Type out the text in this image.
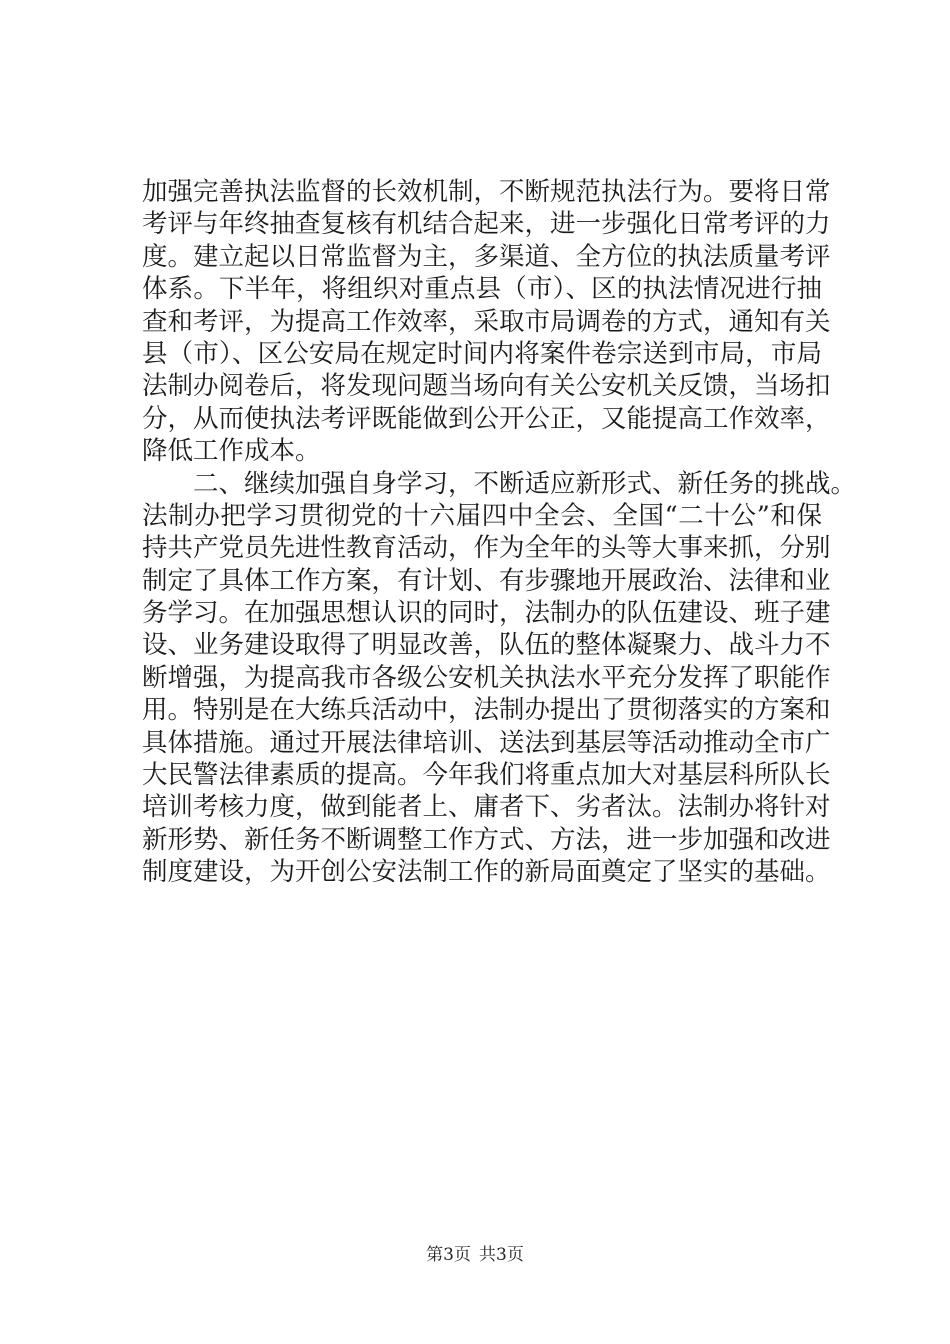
加强完善执法监督的长效机制，不断规范执法行为。要将日常
考评与年终抽查复核有机结合起来，进一步强化日常考评的力
度。建立起以日常监督为主，多渠道、全方位的执法质量考评
体系。下半年，将组织对重点县（市）、区的执法情况进行抽
查和考评，为提高工作效率，采取市局调卷的方式，通知有关
县（市）、区公安局在规定时间内将案件卷宗送到市局，市局
法制办阅卷后，将发现问题当场向有关公安机关反馈，当场扣
分，从而使执法考评既能做到公开公正，又能提高工作效率，
降低工作成本。
二、继续加强自身学习，不断适应新形式、新任务的挑战。
法制办把学习贯彻党的十六届四中全会、全国“二十公”和保
持共产党员先进性教育活动，作为全年的头等大事来抓，分别
制定了具体工作方案，有计划、有步骤地开展政治、法律和业
务学习。在加强思想认识的同时，法制办的队伍建设、班子建
设、业务建设取得了明显改善，队伍的整体凝聚力、战斗力不
断增强，为提高我市各级公安机关执法水平充分发挥了职能作
用。特别是在大练兵活动中，法制办提出了贯彻落实的方案和
具体措施。通过开展法律培训、送法到基层等活动推动全市广
大民警法律素质的提高。今年我们将重点加大对基层科所队长
培训考核力度，做到能者上、庸者下、劣者汰。法制办将针对
新形势、新任务不断调整工作方式、方法，进一步加强和改进
制度建设，为开创公安法制工作的新局面奠定了坚实的基础。
第3页 共3页
